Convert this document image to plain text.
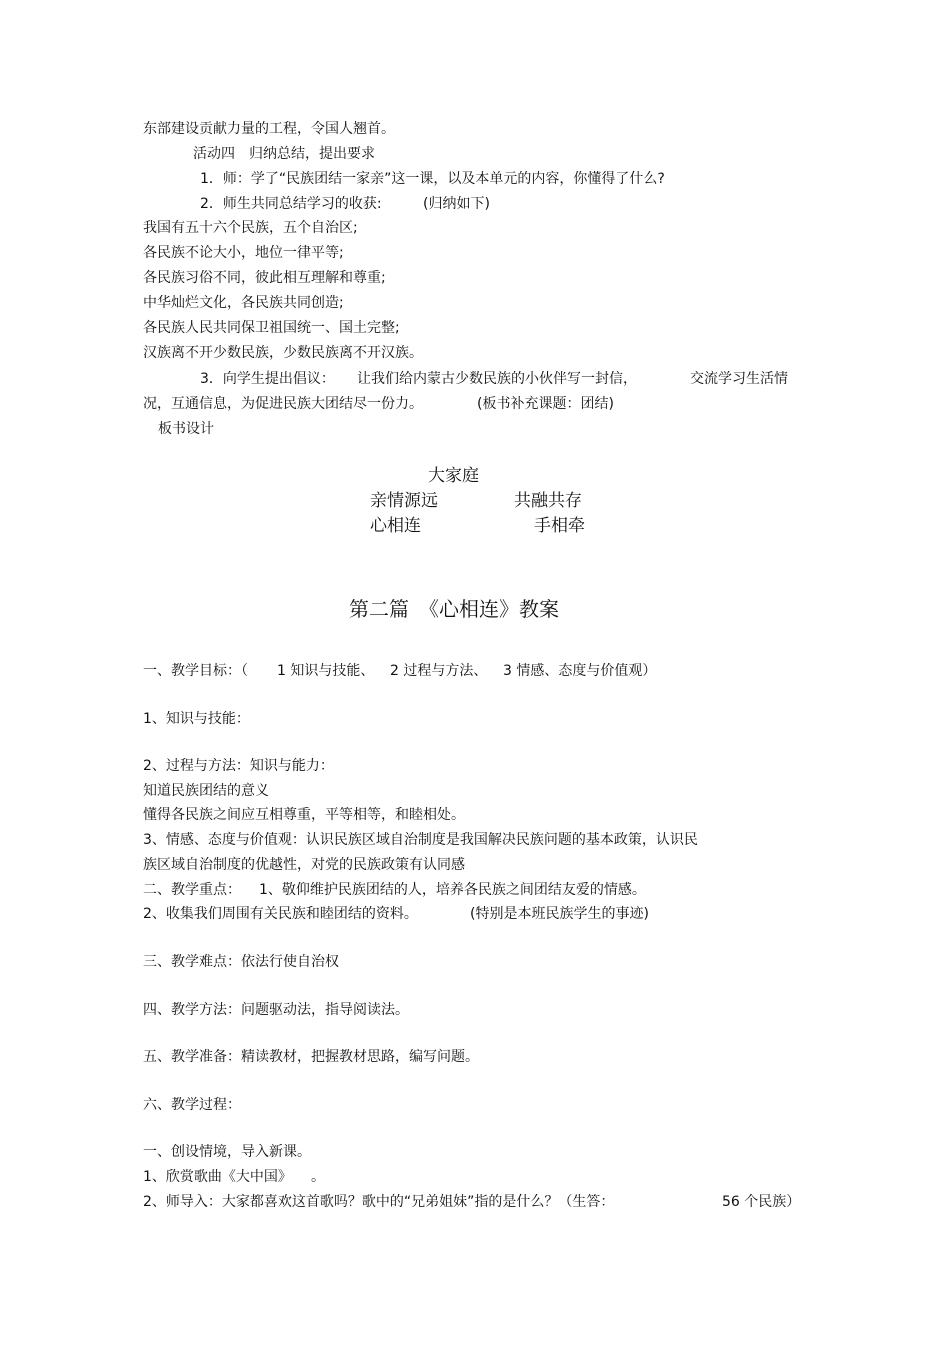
东部建设贡献力量的工程，令国人翘首。
活动四　归纳总结，提出要求
1．师：学了“民族团结一家亲”这一课，以及本单元的内容，你懂得了什么?
2．师生共同总结学习的收获:	(归纳如下)
我国有五十六个民族，五个自治区;
各民族不论大小，地位一律平等;
各民族习俗不同，彼此相互理解和尊重;
中华灿烂文化，各民族共同创造;
各民族人民共同保卫祖国统一、国土完整;
汉族离不开少数民族，少数民族离不开汉族。
3．向学生提出倡议： 让我们给内蒙古少数民族的小伙伴写一封信，	交流学习生活情
况，互通信息，为促进民族大团结尽一份力。	(板书补充课题：团结)
板书设计
大家庭
亲情源远	共融共存
心相连	手相牵
第二篇　《心相连》教案
一、教学目标：（ 1 知识与技能、 2 过程与方法、 3 情感、态度与价值观）
1、知识与技能：
2、过程与方法：知识与能力：
知道民族团结的意义
懂得各民族之间应互相尊重，平等相等，和睦相处。
3、情感、态度与价值观：认识民族区域自治制度是我国解决民族问题的基本政策，认识民
族区域自治制度的优越性，对党的民族政策有认同感
二、教学重点： 1、敬仰维护民族团结的人，培养各民族之间团结友爱的情感。
2、收集我们周围有关民族和睦团结的资料。	(特别是本班民族学生的事迹)
三、教学难点：依法行使自治权
四、教学方法：问题驱动法，指导阅读法。
五、教学准备：精读教材，把握教材思路，编写问题。
六、教学过程：
一、创设情境，导入新课。
1、欣赏歌曲《大中国》 。
2、师导入：大家都喜欢这首歌吗？歌中的“兄弟姐妹”指的是什么？（生答：	56 个民族）
